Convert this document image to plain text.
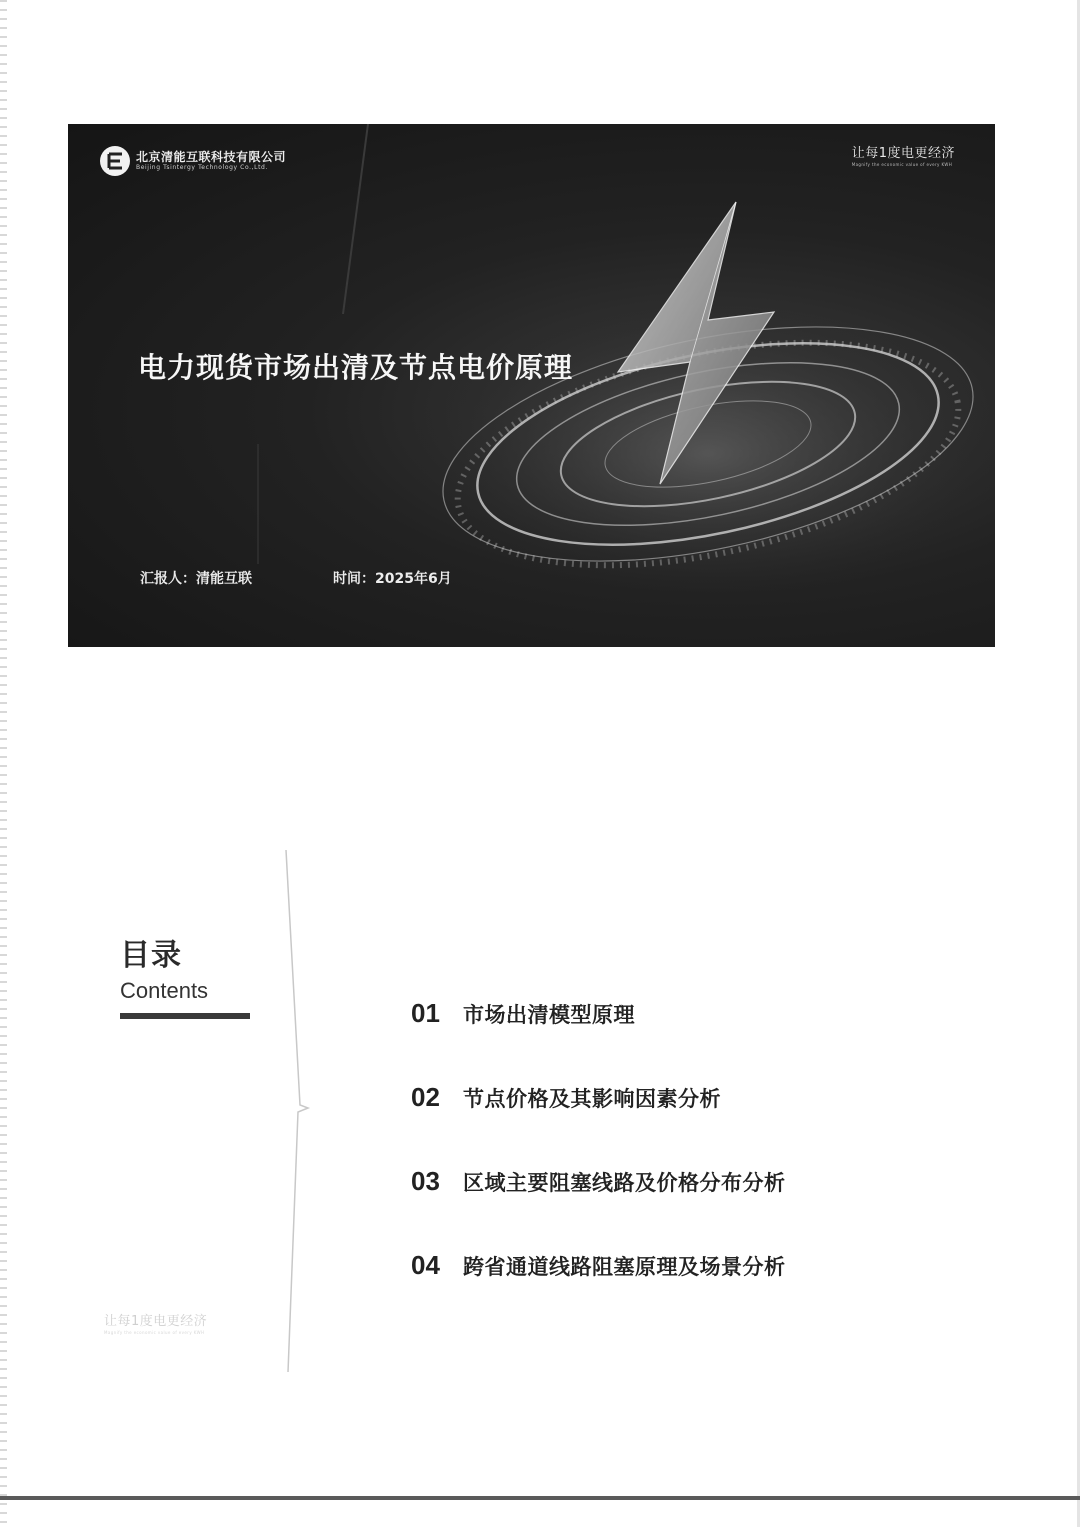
北京清能互联科技有限公司
Beijing Tsintergy Technology Co.,Ltd.
让每1度电更经济
Magnify the economic value of every KWH
电力现货市场出清及节点电价原理
汇报人：清能互联	时间：2025年6月
目录
Contents
01	市场出清模型原理
02	节点价格及其影响因素分析
03	区域主要阻塞线路及价格分布分析
04	跨省通道线路阻塞原理及场景分析
让每1度电更经济
Magnify the economic value of every KWH
